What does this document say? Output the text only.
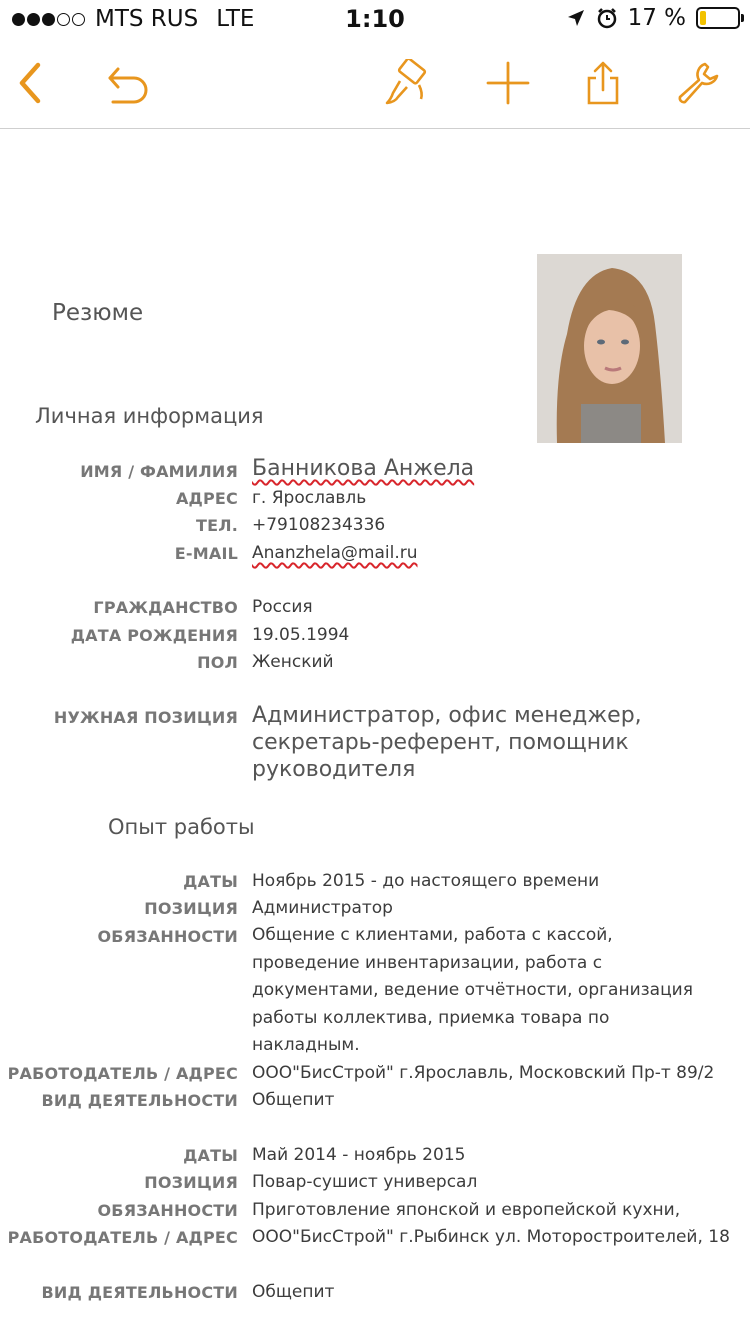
MTS RUS LTE	1:10	17 %
Резюме
Личная информация
ИМЯ / ФАМИЛИЯ Банникова Анжела
АДРЕС г. Ярославль
ТЕЛ. +79108234336
E-MAIL Ananzhela@mail.ru
ГРАЖДАНСТВО Россия
ДАТА РОЖДЕНИЯ 19.05.1994
ПОЛ Женский
НУЖНАЯ ПОЗИЦИЯ Администратор, офис менеджер, секретарь-референт, помощник руководителя
Опыт работы
ДАТЫ Ноябрь 2015 - до настоящего времени
ПОЗИЦИЯ Администратор
ОБЯЗАННОСТИ Общение с клиентами, работа с кассой, проведение инвентаризации, работа с документами, ведение отчётности, организация работы коллектива, приемка товара по накладным.
РАБОТОДАТЕЛЬ / АДРЕС ООО"БисСтрой" г.Ярославль, Московский Пр-т 89/2
ВИД ДЕЯТЕЛЬНОСТИ Общепит
ДАТЫ Май 2014 - ноябрь 2015
ПОЗИЦИЯ Повар-сушист универсал
ОБЯЗАННОСТИ Приготовление японской и европейской кухни,
РАБОТОДАТЕЛЬ / АДРЕС ООО"БисСтрой" г.Рыбинск ул. Моторостроителей, 18
ВИД ДЕЯТЕЛЬНОСТИ Общепит
